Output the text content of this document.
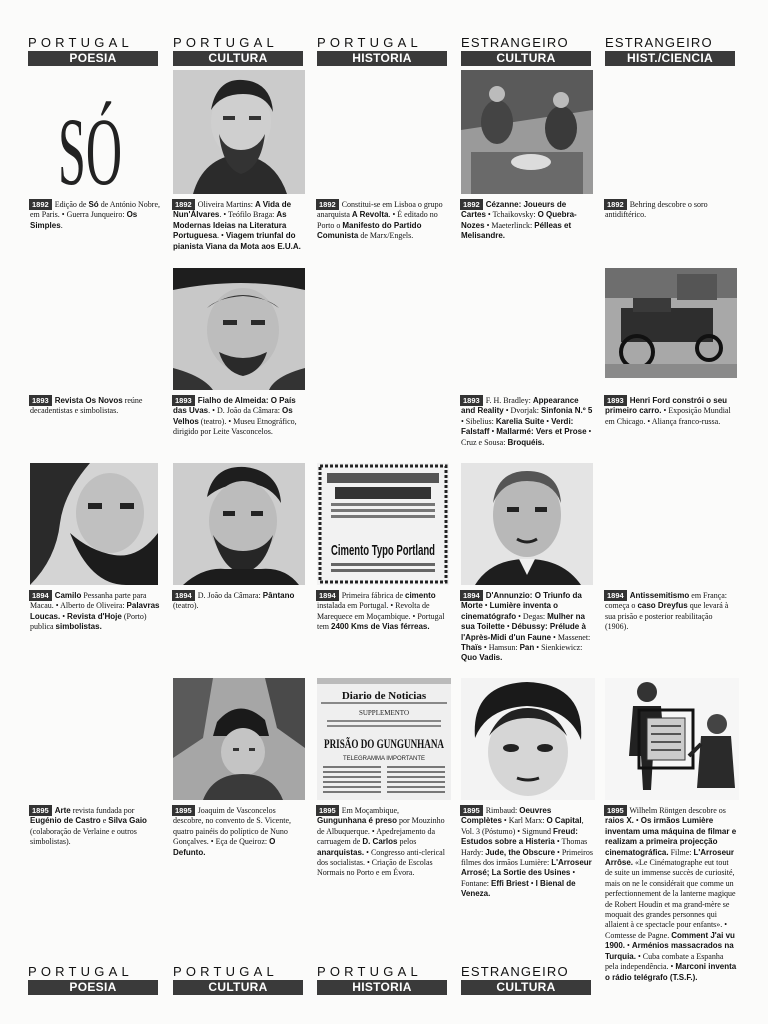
PORTUGAL
POESIA
PORTUGAL
CULTURA
PORTUGAL
HISTORIA
ESTRANGEIRO
CULTURA
ESTRANGEIRO
HIST./CIENCIA
SÓ
1892 Edição de Só de António Nobre, em Paris. • Guerra Junqueiro: Os Simples.
1892 Oliveira Martins: A Vida de Nun'Álvares. • Teófilo Braga: As Modernas Ideias na Literatura Portuguesa. • Viagem triunfal do pianista Viana da Mota aos E.U.A.
1892 Constitui-se em Lisboa o grupo anarquista A Revolta. • É editado no Porto o Manifesto do Partido Comunista de Marx/Engels.
1892 Cézanne: Joueurs de Cartes • Tchaikovsky: O Quebra-Nozes • Maeterlinck: Pélleas et Melisandre.
1892 Behring descobre o soro antidiftérico.
1893 Revista Os Novos reúne decadentistas e simbolistas.
1893 Fialho de Almeida: O País das Uvas. • D. João da Câmara: Os Velhos (teatro). • Museu Etnográfico, dirigido por Leite Vasconcelos.
1893 F. H. Bradley: Appearance and Reality • Dvorjak: Sinfonia N.º 5 • Sibelius: Karelia Suite • Verdi: Falstaff • Mallarmé: Vers et Prose • Cruz e Sousa: Broquéis.
1893 Henri Ford constrói o seu primeiro carro. • Exposição Mundial em Chicago. • Aliança franco-russa.
Cimento Typo Portland
1894 Camilo Pessanha parte para Macau. • Alberto de Oliveira: Palavras Loucas. • Revista d'Hoje (Porto) publica simbolistas.
1894 D. João da Câmara: Pântano (teatro).
1894 Primeira fábrica de cimento instalada em Portugal. • Revolta de Marequece em Moçambique. • Portugal tem 2400 Kms de Vias férreas.
1894 D'Annunzio: O Triunfo da Morte • Lumière inventa o cinematógrafo • Degas: Mulher na sua Toilette • Débussy: Prélude à l'Après-Midi d'un Faune • Massenet: Thaïs • Hamsun: Pan • Sienkiewicz: Quo Vadis.
1894 Antissemitismo em França: começa o caso Dreyfus que levará à sua prisão e posterior reabilitação (1906).
Diario de Noticias
SUPPLEMENTO
PRISÃO DO GUNGUNHANA
TELEGRAMMA IMPORTANTE
1895 Arte revista fundada por Eugénio de Castro e Silva Gaio (colaboração de Verlaine e outros simbolistas).
1895 Joaquim de Vasconcelos descobre, no convento de S. Vicente, quatro painéis do políptico de Nuno Gonçalves. • Eça de Queiroz: O Defunto.
1895 Em Moçambique, Gungunhana é preso por Mouzinho de Albuquerque. • Apedrejamento da carruagem de D. Carlos pelos anarquistas. • Congresso anti-clerical dos socialistas. • Criação de Escolas Normais no Porto e em Évora.
1895 Rimbaud: Oeuvres Complètes • Karl Marx: O Capital, Vol. 3 (Póstumo) • Sigmund Freud: Estudos sobre a Histeria • Thomas Hardy: Jude, the Obscure • Primeiros filmes dos irmãos Lumière: L'Arroseur Arrosé; La Sortie des Usines • Fontane: Effi Briest • I Bienal de Veneza.
1895 Wilhelm Röntgen descobre os raios X. • Os irmãos Lumière inventam uma máquina de filmar e realizam a primeira projecção cinematográfica. Filme: L'Arroseur Arrôse. «Le Cinématographe eut tout de suite un immense succès de curiosité, mais on ne le considérait que comme un perfectionnement de la lanterne magique de Robert Houdin et ma grand-mère se moquait des grandes personnes qui allaient à ce spectacle pour enfants». • Comtesse de Pagne. Comment J'ai vu 1900. • Arménios massacrados na Turquia. • Cuba combate a Espanha pela independência. • Marconi inventa o rádio telégrafo (T.S.F.).
PORTUGAL
POESIA
PORTUGAL
CULTURA
PORTUGAL
HISTORIA
ESTRANGEIRO
CULTURA
